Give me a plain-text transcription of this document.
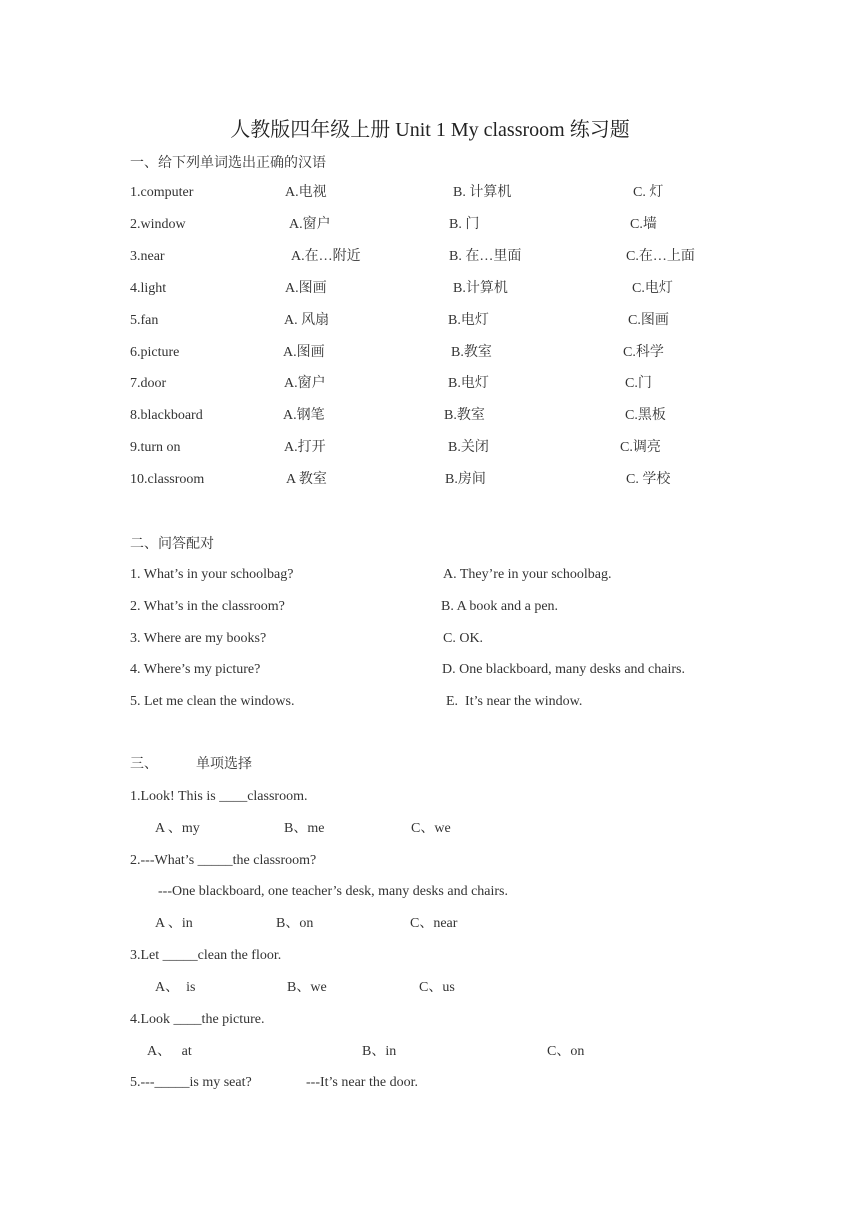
人教版四年级上册 Unit 1 My classroom 练习题
一、给下列单词选出正确的汉语
1.computer	A.电视	B. 计算机	C. 灯
2.window	A.窗户	B. 门	C.墙
3.near	A.在…附近	B. 在…里面	C.在…上面
4.light	A.图画	B.计算机	C.电灯
5.fan	A. 风扇	B.电灯	C.图画
6.picture	A.图画	B.教室	C.科学
7.door	A.窗户	B.电灯	C.门
8.blackboard	A.钢笔	B.教室	C.黑板
9.turn on	A.打开	B.关闭	C.调亮
10.classroom	A 教室	B.房间	C. 学校
二、问答配对
1. What’s in your schoolbag?	A. They’re in your schoolbag.
2. What’s in the classroom?	B. A book and a pen.
3. Where are my books?	C. OK.
4. Where’s my picture?	D. One blackboard, many desks and chairs.
5. Let me clean the windows.	E.  It’s near the window.
三、	单项选择
1.Look! This is ____classroom.
A 、my	B、me	C、we
2.---What’s _____the classroom?
---One blackboard, one teacher’s desk, many desks and chairs.
A 、in	B、on	C、near
3.Let _____clean the floor.
A、  is	B、we	C、us
4.Look ____the picture.
A、   at	B、in	C、on
5.---_____is my seat?	---It’s near the door.
